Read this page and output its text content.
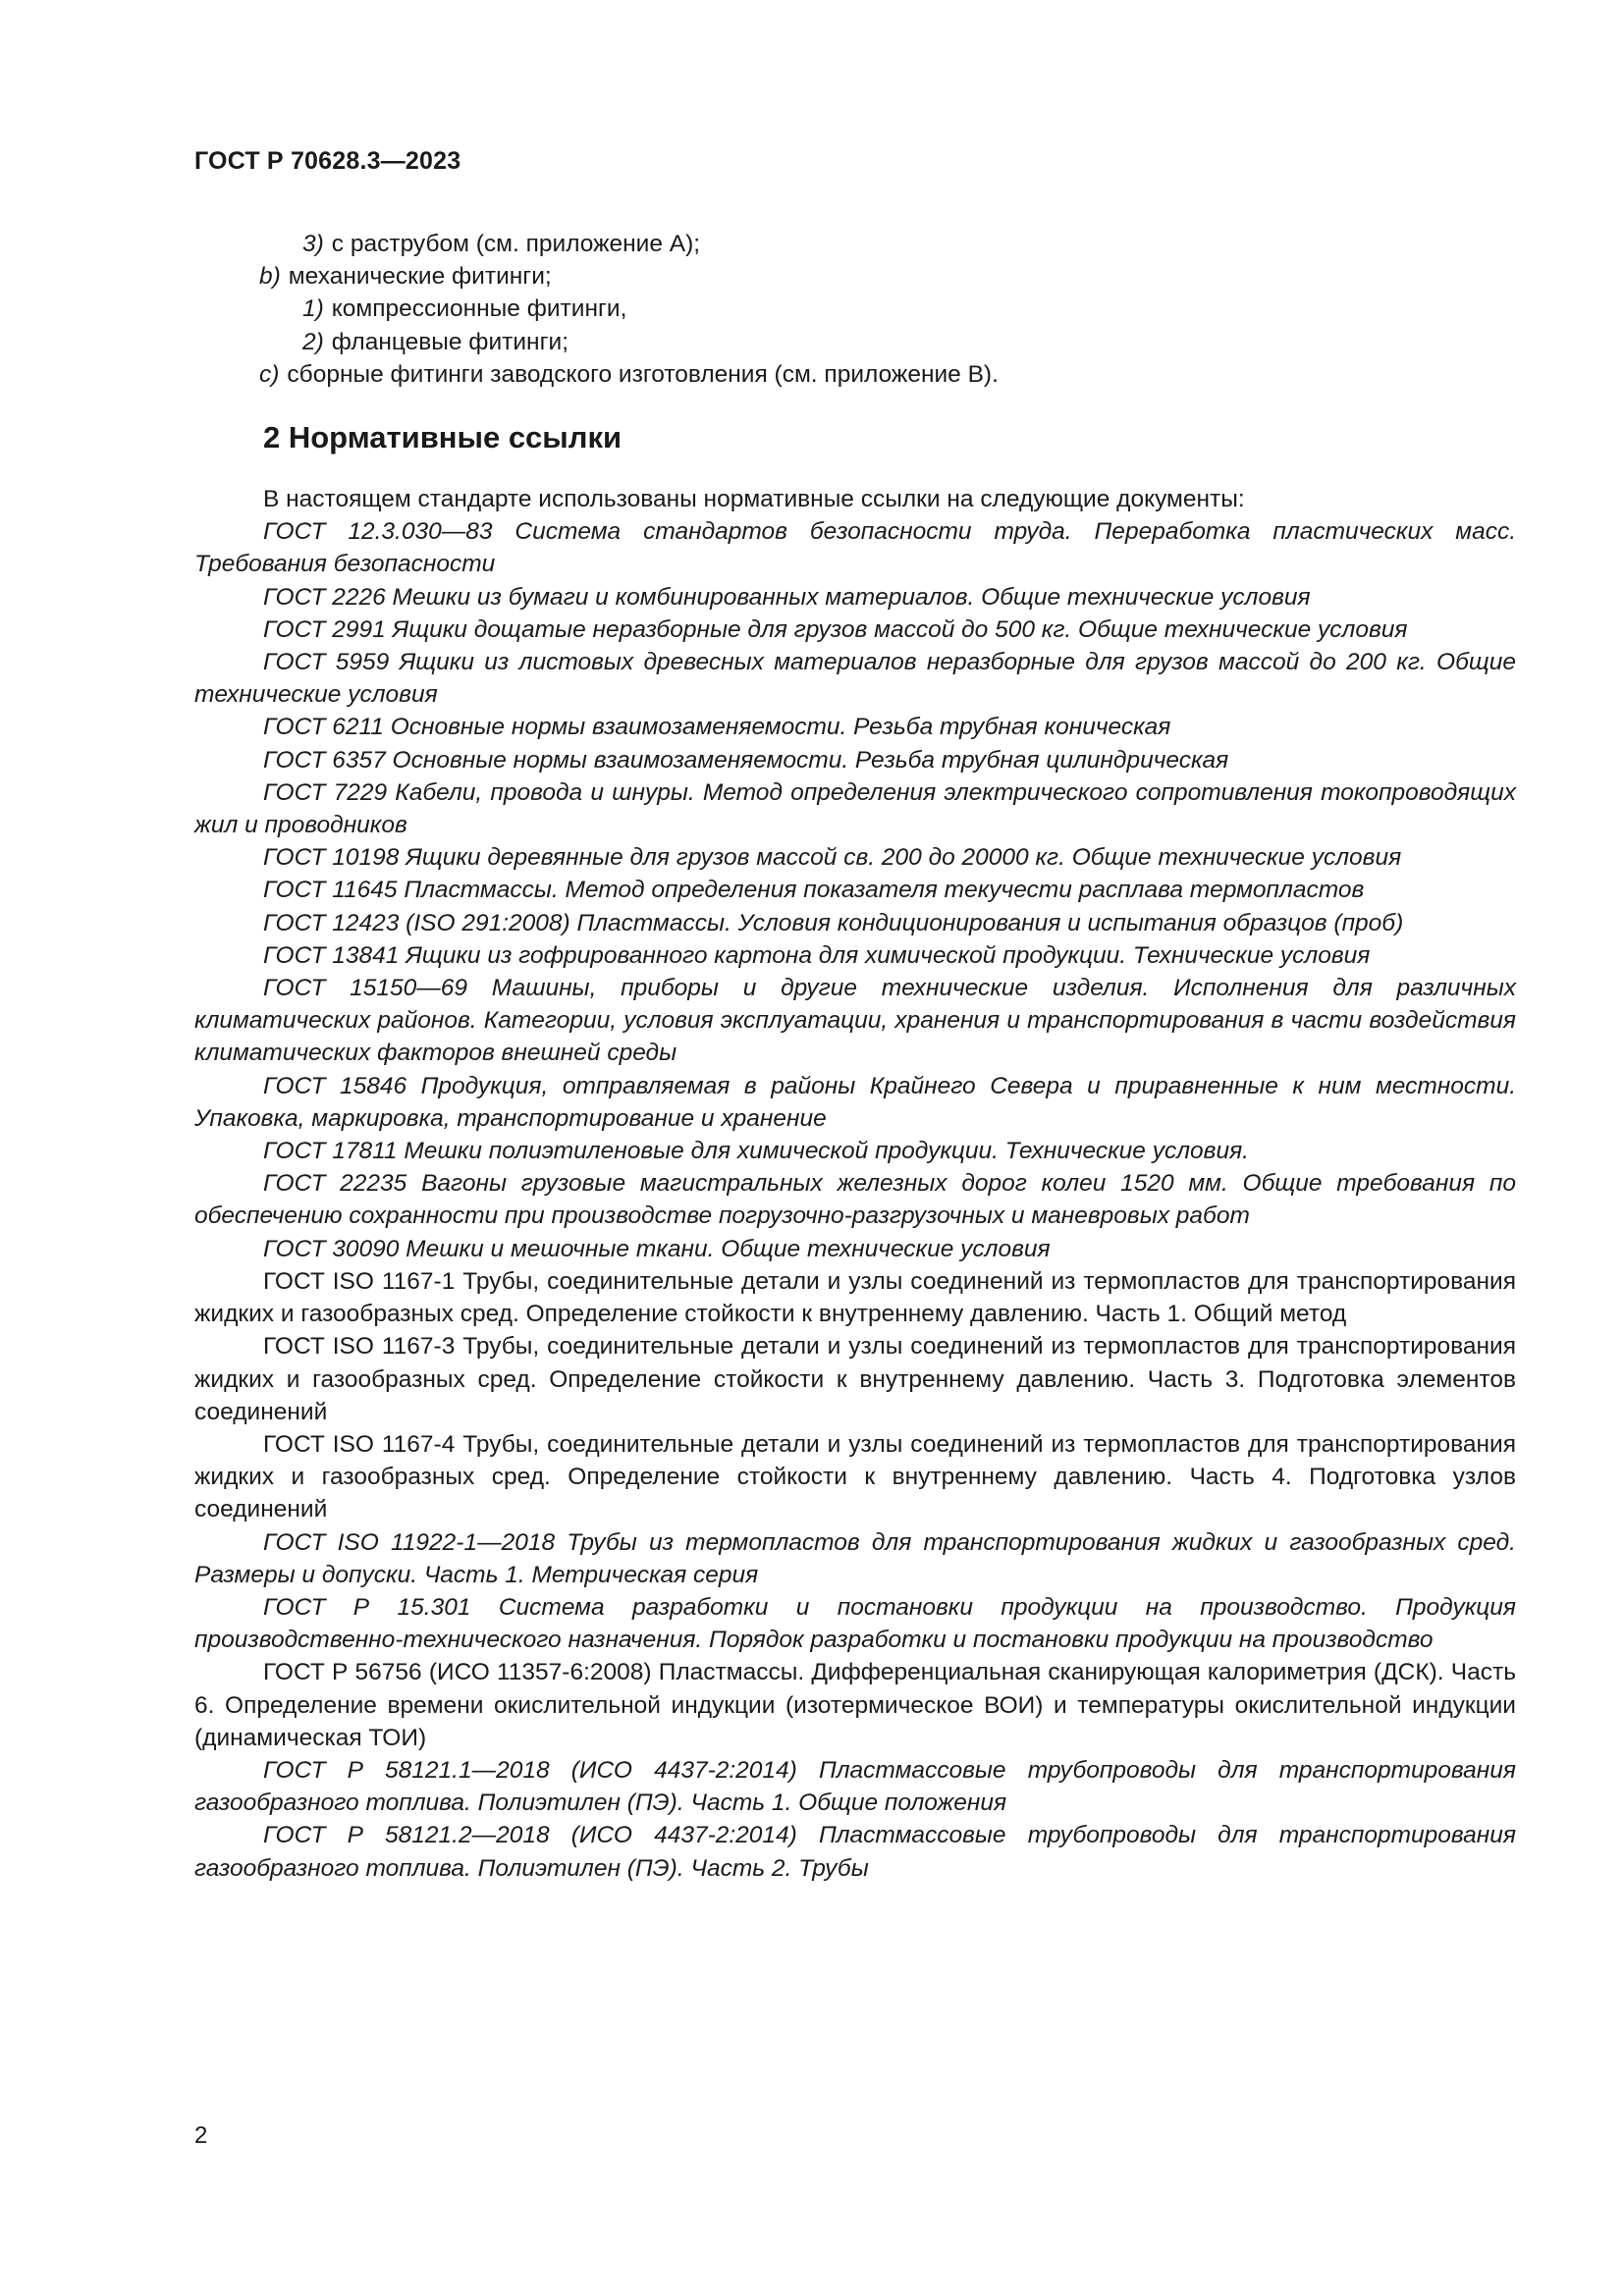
ГОСТ Р 70628.3—2023
3) с раструбом (см. приложение А);
b) механические фитинги;
1) компрессионные фитинги,
2) фланцевые фитинги;
c) сборные фитинги заводского изготовления (см. приложение В).
2 Нормативные ссылки

В настоящем стандарте использованы нормативные ссылки на следующие документы:

ГОСТ 12.3.030—83 Система стандартов безопасности труда. Переработка пластических масс. Требования безопасности

ГОСТ 2226 Мешки из бумаги и комбинированных материалов. Общие технические условия

ГОСТ 2991 Ящики дощатые неразборные для грузов массой до 500 кг. Общие технические условия

ГОСТ 5959 Ящики из листовых древесных материалов неразборные для грузов массой до 200 кг. Общие технические условия

ГОСТ 6211 Основные нормы взаимозаменяемости. Резьба трубная коническая

ГОСТ 6357 Основные нормы взаимозаменяемости. Резьба трубная цилиндрическая

ГОСТ 7229 Кабели, провода и шнуры. Метод определения электрического сопротивления токопроводящих жил и проводников

ГОСТ 10198 Ящики деревянные для грузов массой св. 200 до 20000 кг. Общие технические условия

ГОСТ 11645 Пластмассы. Метод определения показателя текучести расплава термопластов

ГОСТ 12423 (ISO 291:2008) Пластмассы. Условия кондиционирования и испытания образцов (проб)

ГОСТ 13841 Ящики из гофрированного картона для химической продукции. Технические условия

ГОСТ 15150—69 Машины, приборы и другие технические изделия. Исполнения для различных климатических районов. Категории, условия эксплуатации, хранения и транспортирования в части воздействия климатических факторов внешней среды

ГОСТ 15846 Продукция, отправляемая в районы Крайнего Севера и приравненные к ним местности. Упаковка, маркировка, транспортирование и хранение

ГОСТ 17811 Мешки полиэтиленовые для химической продукции. Технические условия.

ГОСТ 22235 Вагоны грузовые магистральных железных дорог колеи 1520 мм. Общие требования по обеспечению сохранности при производстве погрузочно-разгрузочных и маневровых работ

ГОСТ 30090 Мешки и мешочные ткани. Общие технические условия

ГОСТ ISO 1167-1 Трубы, соединительные детали и узлы соединений из термопластов для транспортирования жидких и газообразных сред. Определение стойкости к внутреннему давлению. Часть 1. Общий метод

ГОСТ ISO 1167-3 Трубы, соединительные детали и узлы соединений из термопластов для транспортирования жидких и газообразных сред. Определение стойкости к внутреннему давлению. Часть 3. Подготовка элементов соединений

ГОСТ ISO 1167-4 Трубы, соединительные детали и узлы соединений из термопластов для транспортирования жидких и газообразных сред. Определение стойкости к внутреннему давлению. Часть 4. Подготовка узлов соединений

ГОСТ ISO 11922-1—2018 Трубы из термопластов для транспортирования жидких и газообразных сред. Размеры и допуски. Часть 1. Метрическая серия

ГОСТ Р 15.301 Система разработки и постановки продукции на производство. Продукция производственно-технического назначения. Порядок разработки и постановки продукции на производство

ГОСТ Р 56756 (ИСО 11357-6:2008) Пластмассы. Дифференциальная сканирующая калориметрия (ДСК). Часть 6. Определение времени окислительной индукции (изотермическое ВОИ) и температуры окислительной индукции (динамическая ТОИ)

ГОСТ Р 58121.1—2018 (ИСО 4437-2:2014) Пластмассовые трубопроводы для транспортирования газообразного топлива. Полиэтилен (ПЭ). Часть 1. Общие положения

ГОСТ Р 58121.2—2018 (ИСО 4437-2:2014) Пластмассовые трубопроводы для транспортирования газообразного топлива. Полиэтилен (ПЭ). Часть 2. Трубы

2
